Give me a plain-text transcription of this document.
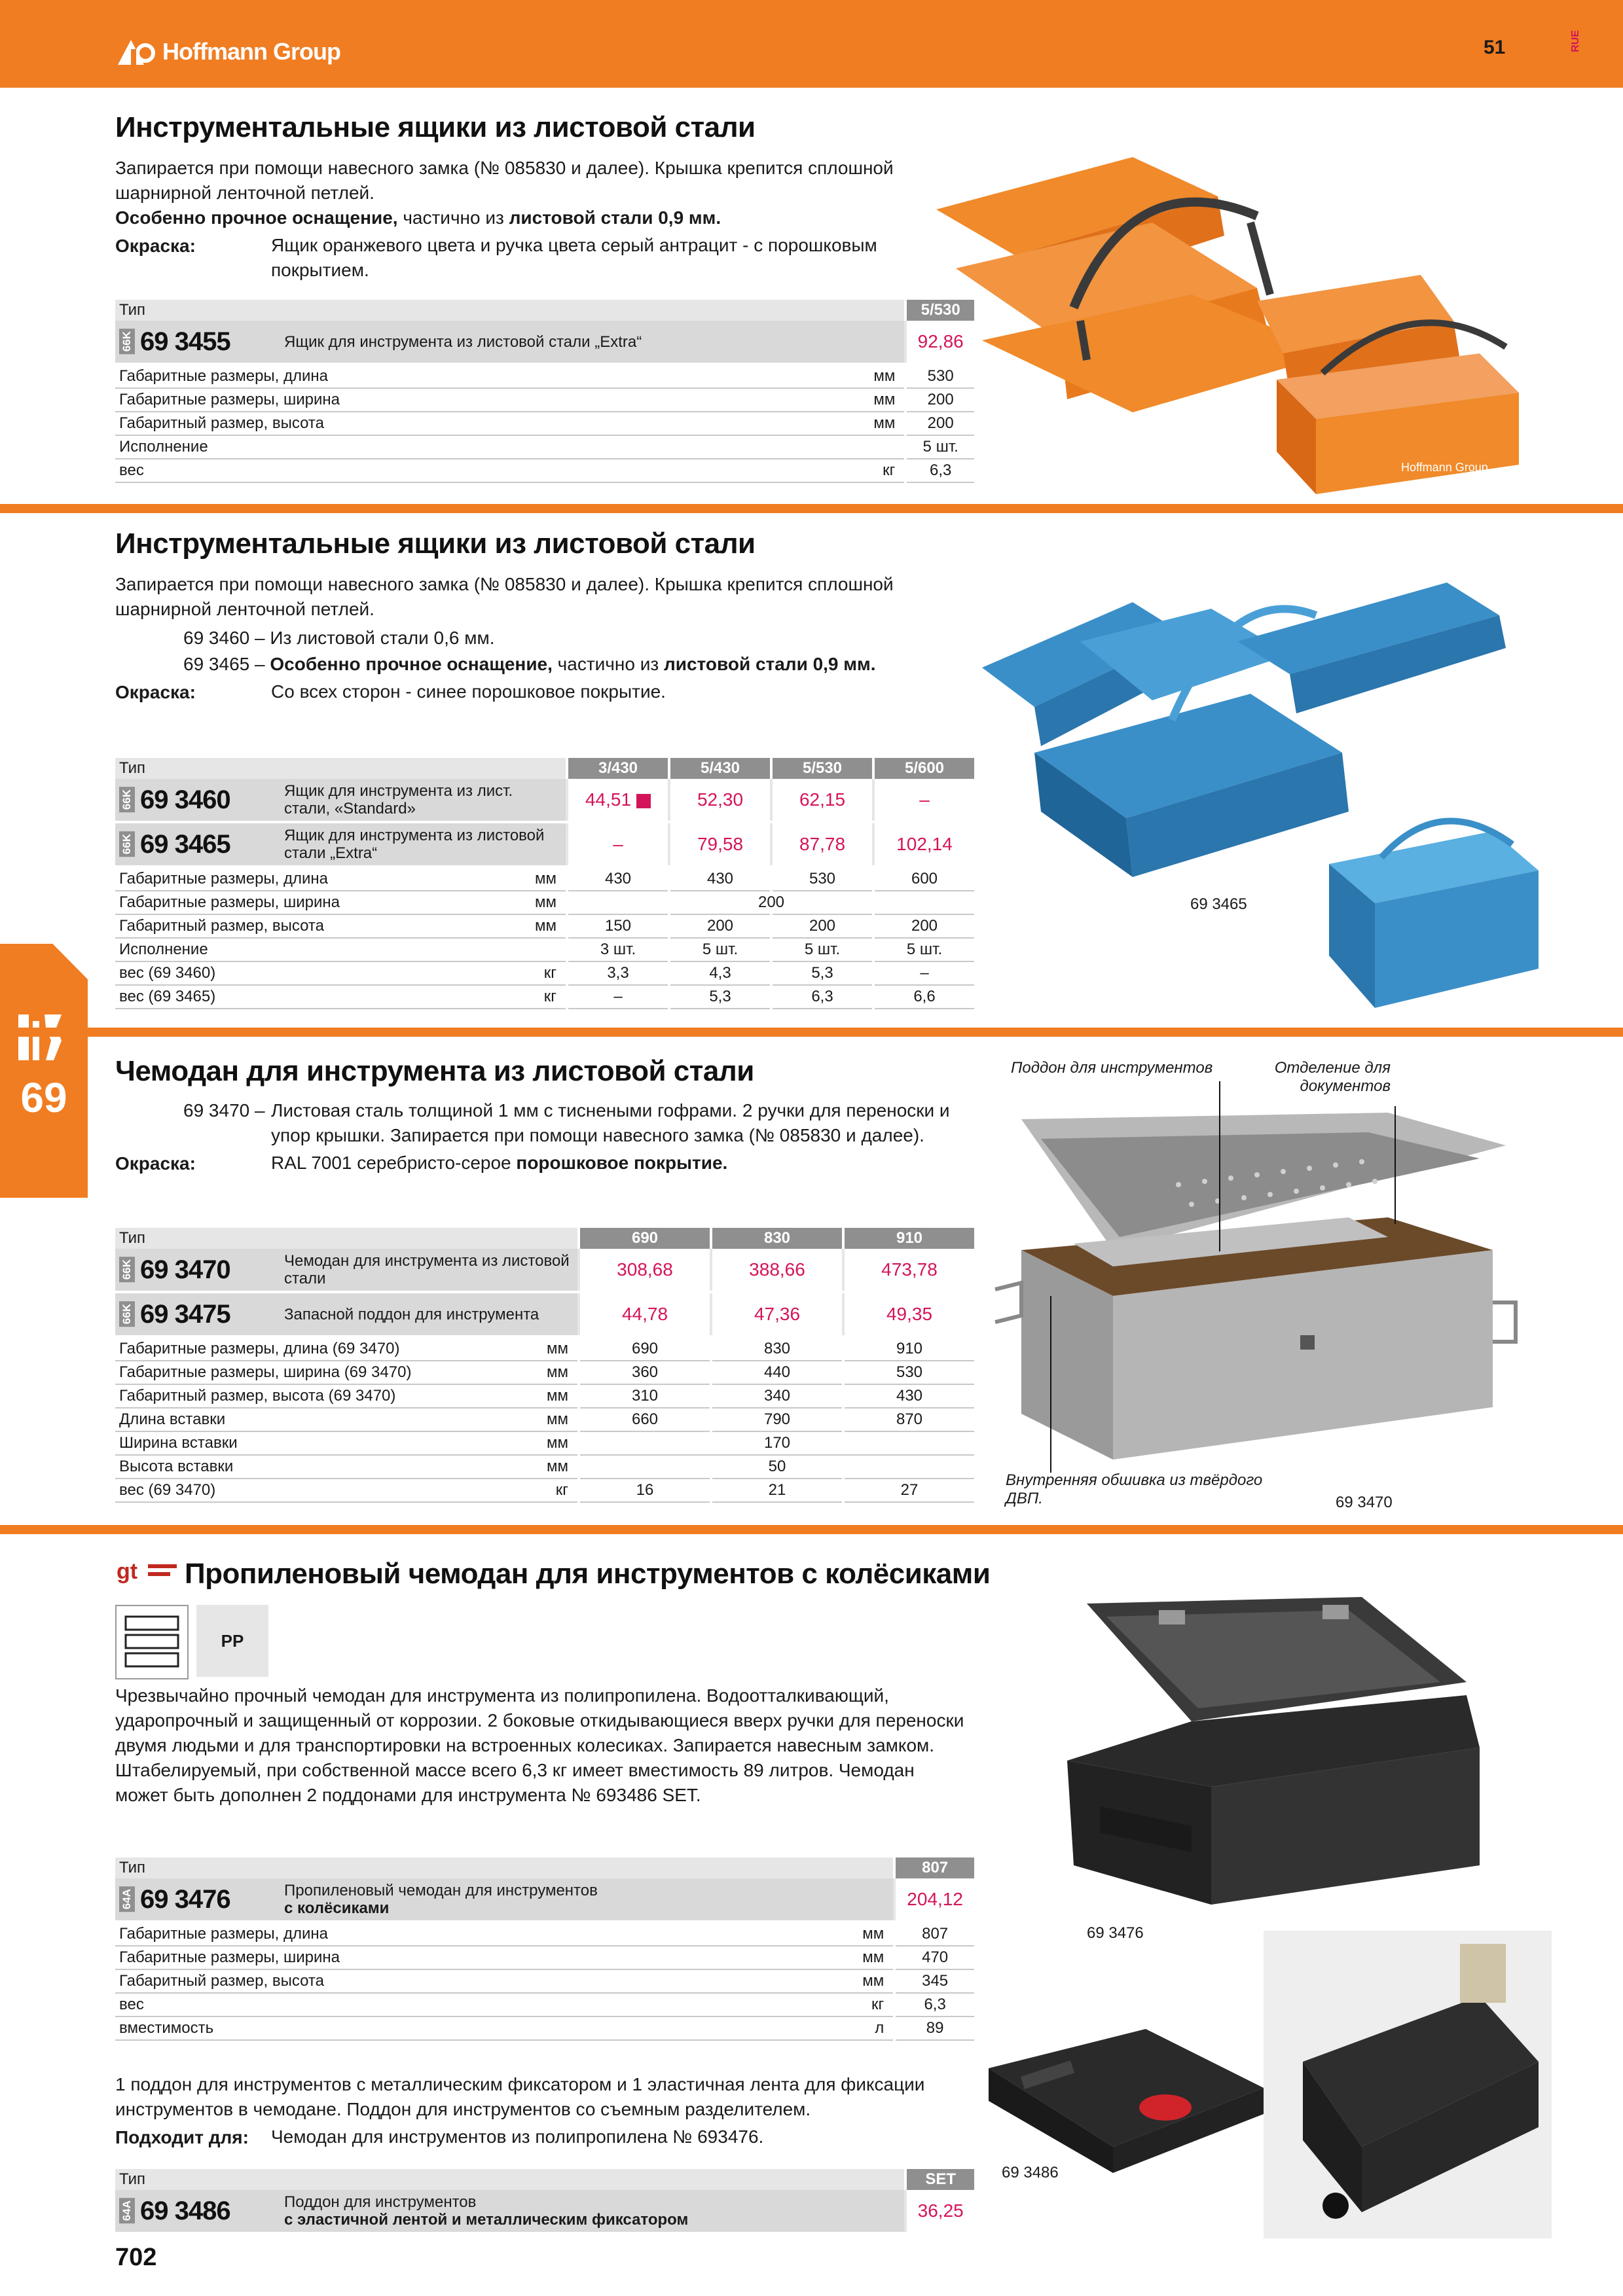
Hoffmann Group	51	RUE
69
Инструментальные ящики из листовой стали
Запирается при помощи навесного замка (№ 085830 и далее). Крышка крепится сплошной шарнирной ленточной петлей.
Особенно прочное оснащение, частично из листовой стали 0,9 мм.
Окраска:	Ящик оранжевого цвета и ручка цвета серый антрацит - с порошковым покрытием.
Тип			5/530

66K 69 3455	Ящик для инструмента из листовой стали „Extra“		92,86
Габаритные размеры, длина		мм	530
Габаритные размеры, ширина		мм	200
Габаритный размер, высота		мм	200
Исполнение			5 шт.
вес		кг	6,3	Hoffmann Group
Инструментальные ящики из листовой стали
Запирается при помощи навесного замка (№ 085830 и далее). Крышка крепится сплошной шарнирной ленточной петлей.
69 3460 – Из листовой стали 0,6 мм.
69 3465 – Особенно прочное оснащение, частично из листовой стали 0,9 мм.
Окраска:	Со всех сторон - синее порошковое покрытие.
Тип			3/430	5/430	5/530	5/600

66K 69 3460	Ящик для инструмента из лист. стали, «Standard»		44,51	52,30	62,15	–

66K 69 3465	Ящик для инструмента из листовой стали „Extra“		–	79,58	87,78	102,14
Габаритные размеры, длина		мм	430	430	530	600
Габаритные размеры, ширина		мм	200			
Габаритный размер, высота		мм	150	200	200	200
Исполнение			3 шт.	5 шт.	5 шт.	5 шт.
вес (69 3460)		кг	3,3	4,3	5,3	–
вес (69 3465)		кг	–	5,3	6,3	6,6
69 3465
Чемодан для инструмента из листовой стали
69 3470 – Листовая сталь толщиной 1 мм с тиснеными гофрами. 2 ручки для переноски и упор крышки. Запирается при помощи навесного замка (№ 085830 и далее).
Окраска:	RAL 7001 серебристо-серое порошковое покрытие.
Тип			690	830	910

66K 69 3470	Чемодан для инструмента из листовой стали		308,68	388,66	473,78

66K 69 3475	Запасной поддон для инструмента		44,78	47,36	49,35
Габаритные размеры, длина (69 3470)		мм	690	830	910
Габаритные размеры, ширина (69 3470)		мм	360	440	530
Габаритный размер, высота (69 3470)		мм	310	340	430
Длина вставки		мм	660	790	870
Ширина вставки		мм	170		
Высота вставки		мм	50		
вес (69 3470)		кг	16	21	27
Поддон для инструментов	Отделение для документов
Внутренняя обшивка из твёрдого ДВП.	69 3470
gt Пропиленовый чемодан для инструментов с колёсиками
PP
Чрезвычайно прочный чемодан для инструмента из полипропилена. Водоотталкивающий, ударопрочный и защищенный от коррозии. 2 боковые откидывающиеся вверх ручки для переноски двумя людьми и для транспортировки на встроенных колесиках. Запирается навесным замком. Штабелируемый, при собственной массе всего 6,3 кг имеет вместимость 89 литров. Чемодан может быть дополнен 2 поддонами для инструмента № 693486 SET.
Тип			807

64A 69 3476	Пропиленовый чемодан для инструментов
с колёсиками		204,12
Габаритные размеры, длина		мм	807
Габаритные размеры, ширина		мм	470
Габаритный размер, высота		мм	345
вес		кг	6,3
вместимость		л	89
69 3476
1 поддон для инструментов с металлическим фиксатором и 1 эластичная лента для фиксации инструментов в чемодане. Поддон для инструментов со съемным разделителем.
Подходит для: Чемодан для инструментов из полипропилена № 693476.
Тип		SET

64A 69 3486	Поддон для инструментов
с эластичной лентой и металлическим фиксатором	36,25
69 3486
702
